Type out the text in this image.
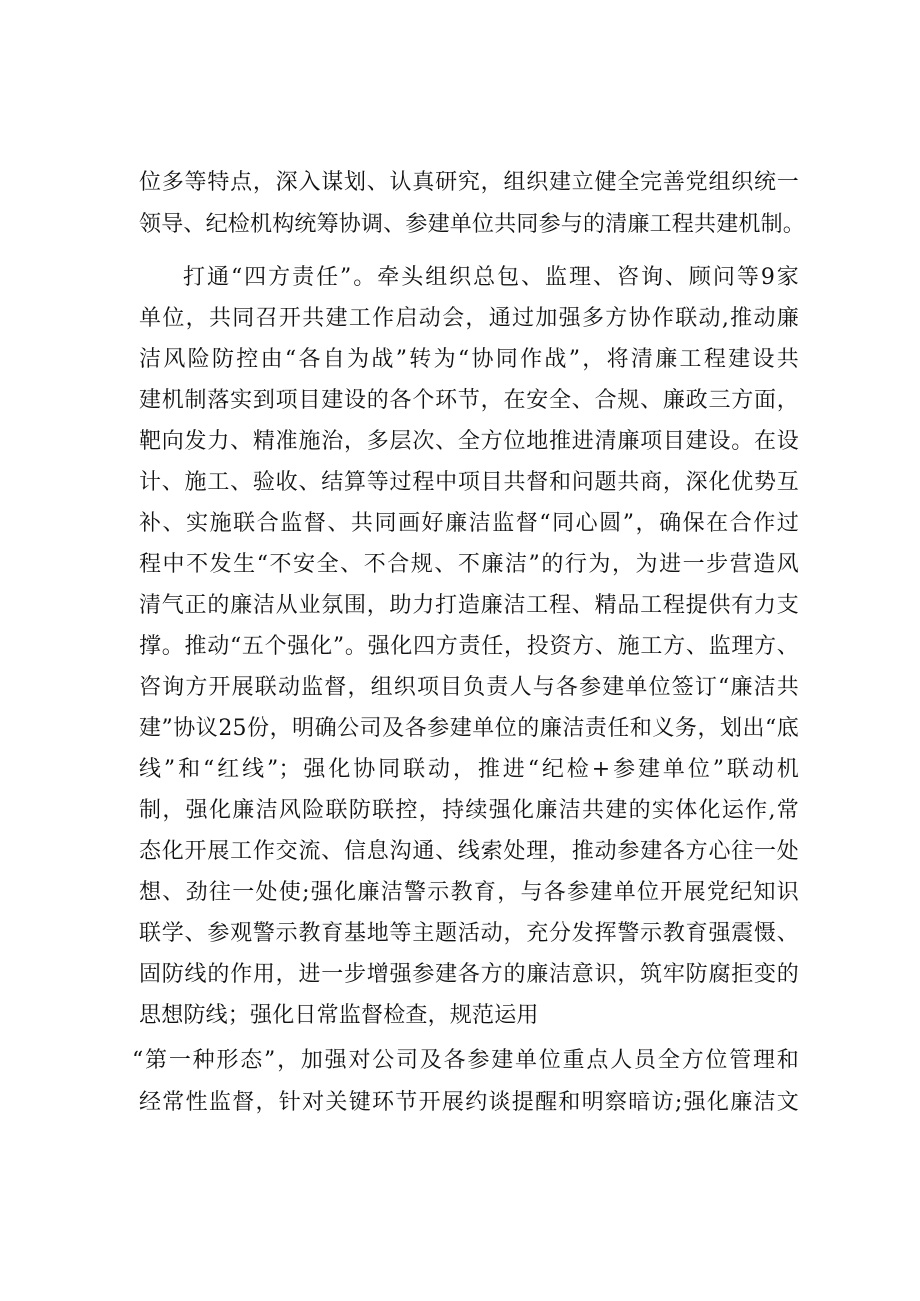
位多等特点，深入谋划、认真研究，组织建立健全完善党组织统一
领导、纪检机构统筹协调、参建单位共同参与的清廉工程共建机制。
打通“四方责任”。牵头组织总包、监理、咨询、顾问等9家
单位，共同召开共建工作启动会，通过加强多方协作联动,推动廉
洁风险防控由“各自为战”转为“协同作战”，将清廉工程建设共
建机制落实到项目建设的各个环节，在安全、合规、廉政三方面，
靶向发力、精准施治，多层次、全方位地推进清廉项目建设。在设
计、施工、验收、结算等过程中项目共督和问题共商，深化优势互
补、实施联合监督、共同画好廉洁监督“同心圆”，确保在合作过
程中不发生“不安全、不合规、不廉洁”的行为，为进一步营造风
清气正的廉洁从业氛围，助力打造廉洁工程、精品工程提供有力支
撑。推动“五个强化”。强化四方责任，投资方、施工方、监理方、
咨询方开展联动监督，组织项目负责人与各参建单位签订“廉洁共
建”协议25份，明确公司及各参建单位的廉洁责任和义务，划出“底
线”和“红线”；强化协同联动，推进“纪检+参建单位”联动机
制，强化廉洁风险联防联控，持续强化廉洁共建的实体化运作,常
态化开展工作交流、信息沟通、线索处理，推动参建各方心往一处
想、劲往一处使;强化廉洁警示教育，与各参建单位开展党纪知识
联学、参观警示教育基地等主题活动，充分发挥警示教育强震慑、
固防线的作用，进一步增强参建各方的廉洁意识，筑牢防腐拒变的
思想防线；强化日常监督检查，规范运用
“第一种形态”，加强对公司及各参建单位重点人员全方位管理和
经常性监督，针对关键环节开展约谈提醒和明察暗访;强化廉洁文
